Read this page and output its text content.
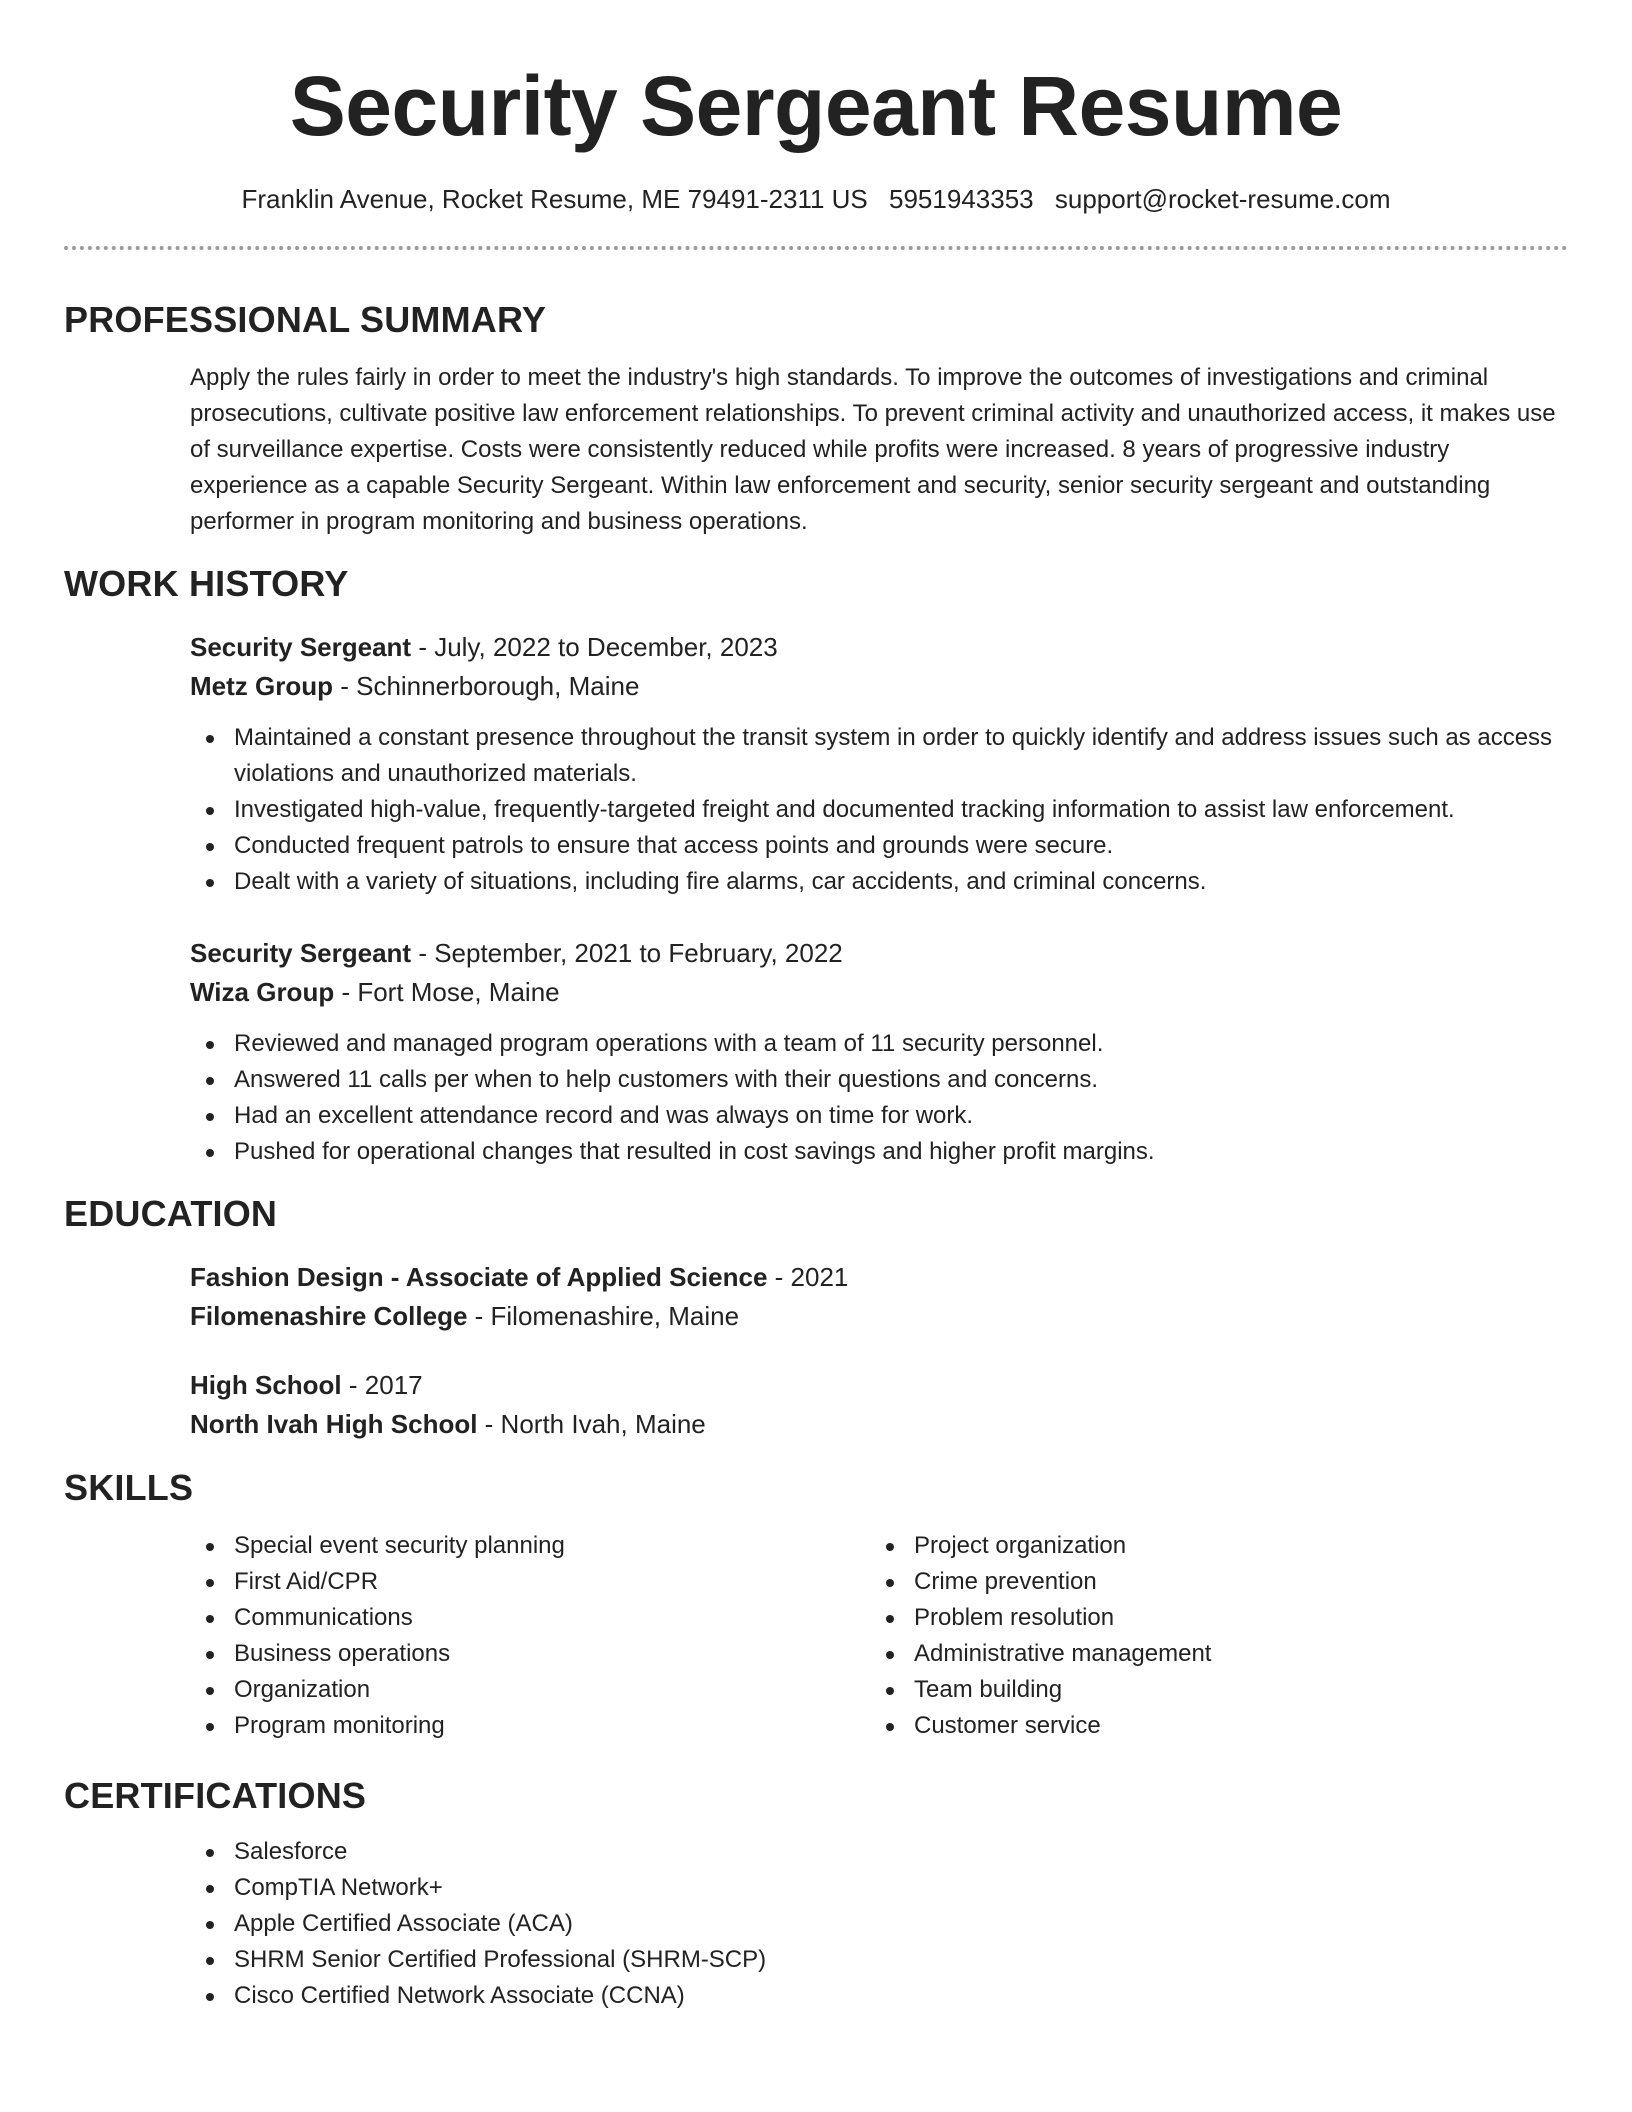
Security Sergeant Resume
Franklin Avenue, Rocket Resume, ME 79491-2311 US 5951943353 support@rocket-resume.com
PROFESSIONAL SUMMARY

Apply the rules fairly in order to meet the industry's high standards. To improve the outcomes of investigations and criminal prosecutions, cultivate positive law enforcement relationships. To prevent criminal activity and unauthorized access, it makes use of surveillance expertise. Costs were consistently reduced while profits were increased. 8 years of progressive industry experience as a capable Security Sergeant. Within law enforcement and security, senior security sergeant and outstanding performer in program monitoring and business operations.

WORK HISTORY
Security Sergeant - July, 2022 to December, 2023
Metz Group - Schinnerborough, Maine
Maintained a constant presence throughout the transit system in order to quickly identify and address issues such as access violations and unauthorized materials.
Investigated high-value, frequently-targeted freight and documented tracking information to assist law enforcement.
Conducted frequent patrols to ensure that access points and grounds were secure.
Dealt with a variety of situations, including fire alarms, car accidents, and criminal concerns.
Security Sergeant - September, 2021 to February, 2022
Wiza Group - Fort Mose, Maine
Reviewed and managed program operations with a team of 11 security personnel.
Answered 11 calls per when to help customers with their questions and concerns.
Had an excellent attendance record and was always on time for work.
Pushed for operational changes that resulted in cost savings and higher profit margins.
EDUCATION
Fashion Design - Associate of Applied Science - 2021
Filomenashire College - Filomenashire, Maine
High School - 2017
North Ivah High School - North Ivah, Maine
SKILLS
Special event security planning
First Aid/CPR
Communications
Business operations
Organization
Program monitoring
Project organization
Crime prevention
Problem resolution
Administrative management
Team building
Customer service
CERTIFICATIONS
Salesforce
CompTIA Network+
Apple Certified Associate (ACA)
SHRM Senior Certified Professional (SHRM-SCP)
Cisco Certified Network Associate (CCNA)
